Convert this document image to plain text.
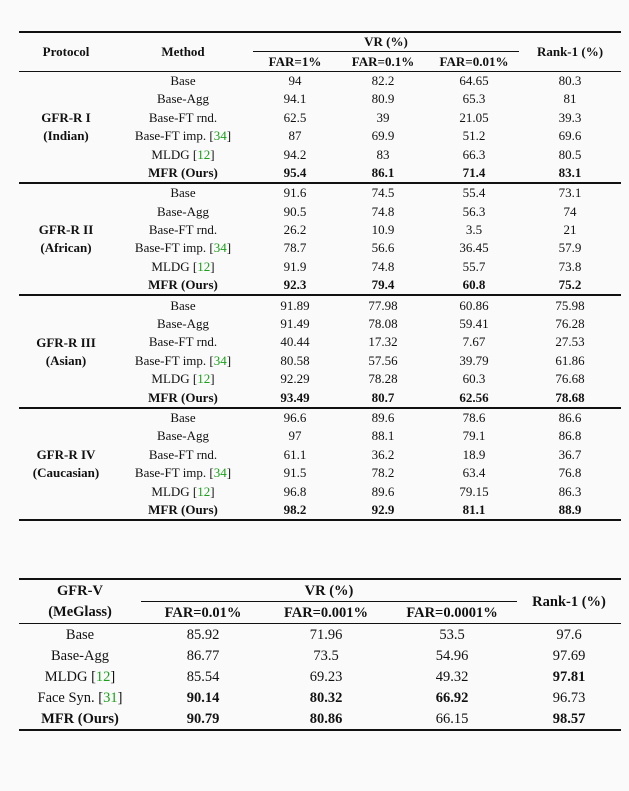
Protocol	Method	VR (%)			Rank-1 (%)
		FAR=1%	FAR=0.1%	FAR=0.01%	

GFR-R I
(Indian)	Base	94	82.2	64.65	80.3
	Base-Agg	94.1	80.9	65.3	81
	Base-FT rnd.	62.5	39	21.05	39.3
	Base-FT imp. [34]	87	69.9	51.2	69.6
	MLDG [12]	94.2	83	66.3	80.5
	MFR (Ours)	95.4	86.1	71.4	83.1

GFR-R II
(African)	Base	91.6	74.5	55.4	73.1
	Base-Agg	90.5	74.8	56.3	74
	Base-FT rnd.	26.2	10.9	3.5	21
	Base-FT imp. [34]	78.7	56.6	36.45	57.9
	MLDG [12]	91.9	74.8	55.7	73.8
	MFR (Ours)	92.3	79.4	60.8	75.2

GFR-R III
(Asian)	Base	91.89	77.98	60.86	75.98
	Base-Agg	91.49	78.08	59.41	76.28
	Base-FT rnd.	40.44	17.32	7.67	27.53
	Base-FT imp. [34]	80.58	57.56	39.79	61.86
	MLDG [12]	92.29	78.28	60.3	76.68
	MFR (Ours)	93.49	80.7	62.56	78.68

GFR-R IV
(Caucasian)	Base	96.6	89.6	78.6	86.6
	Base-Agg	97	88.1	79.1	86.8
	Base-FT rnd.	61.1	36.2	18.9	36.7
	Base-FT imp. [34]	91.5	78.2	63.4	76.8
	MLDG [12]	96.8	89.6	79.15	86.3
	MFR (Ours)	98.2	92.9	81.1	88.9
GFR-V	VR (%)			Rank-1 (%)
(MeGlass)	FAR=0.01%	FAR=0.001%	FAR=0.0001%	

Base	85.92	71.96	53.5	97.6
Base-Agg	86.77	73.5	54.96	97.69
MLDG [12]	85.54	69.23	49.32	97.81
Face Syn. [31]	90.14	80.32	66.92	96.73
MFR (Ours)	90.79	80.86	66.15	98.57
